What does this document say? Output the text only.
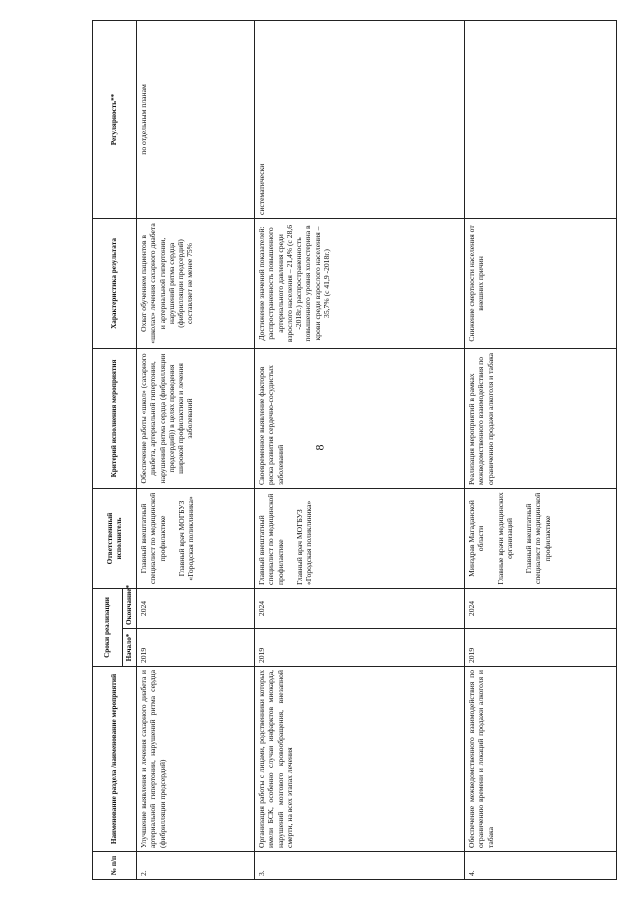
8
№ п/п	Наименование раздела /наименование мероприятий	Сроки реализации		Ответственный исполнитель	Критерий исполнения мероприятия	Характеристика результата	Регулярность**
		Начало*	Окончание*				
2.	Улучшение выявления и лечения сахарного диабета и артериальной гипертонии, нарушений ритма сердца (фибрилляции предсердий)	2019	2024	Главный внештатный специалист по медицинской профилактике Главный врач МОГБУЗ «Городская поликлиника»	Обеспечение работы «школ» (сахарного диабета, артериальной гипертонии, нарушений ритма сердца (фибрилляции предсердий)) в целях проведения широкой профилактики и лечения заболеваний	Охват обучением пациентов в «школах» лечения сахарного диабета и артериальной гипертонии, нарушений ритма сердца (фибрилляции предсердий) составляет не менее 75%	по отдельным планам
3.	Организация работы с лицами, родственники которых имели БСК, особенно случаи инфарктов миокарда, нарушений мозгового кровообращения, внезапной смерти, на всех этапах лечения	2019	2024	Главный внештатный специалист по медицинской профилактике Главный врач МОГБУЗ «Городская поликлиника»	Своевременное выявление факторов риска развития сердечно-сосудистых заболеваний	Достижение значений показателей: распространенность повышенного артериального давления среди взрослого населения – 21,4% (с 28,6 -2018г.) распространенность повышенного уровня холестерина в крови среди взрослого населения – 35,7% (с 41,9 -2018г.)	систематически
4.	Обеспечение межведомственного взаимодействия по ограничению времени и локаций продажи алкоголя и табака	2019	2024	Минздрав Магаданской области Главные врачи медицинских организаций Главный внештатный специалист по медицинской профилактике	Реализация мероприятий в рамках межведомственного взаимодействия по ограничению продажи алкоголя и табака	Снижение смертности населения от внешних причин	
